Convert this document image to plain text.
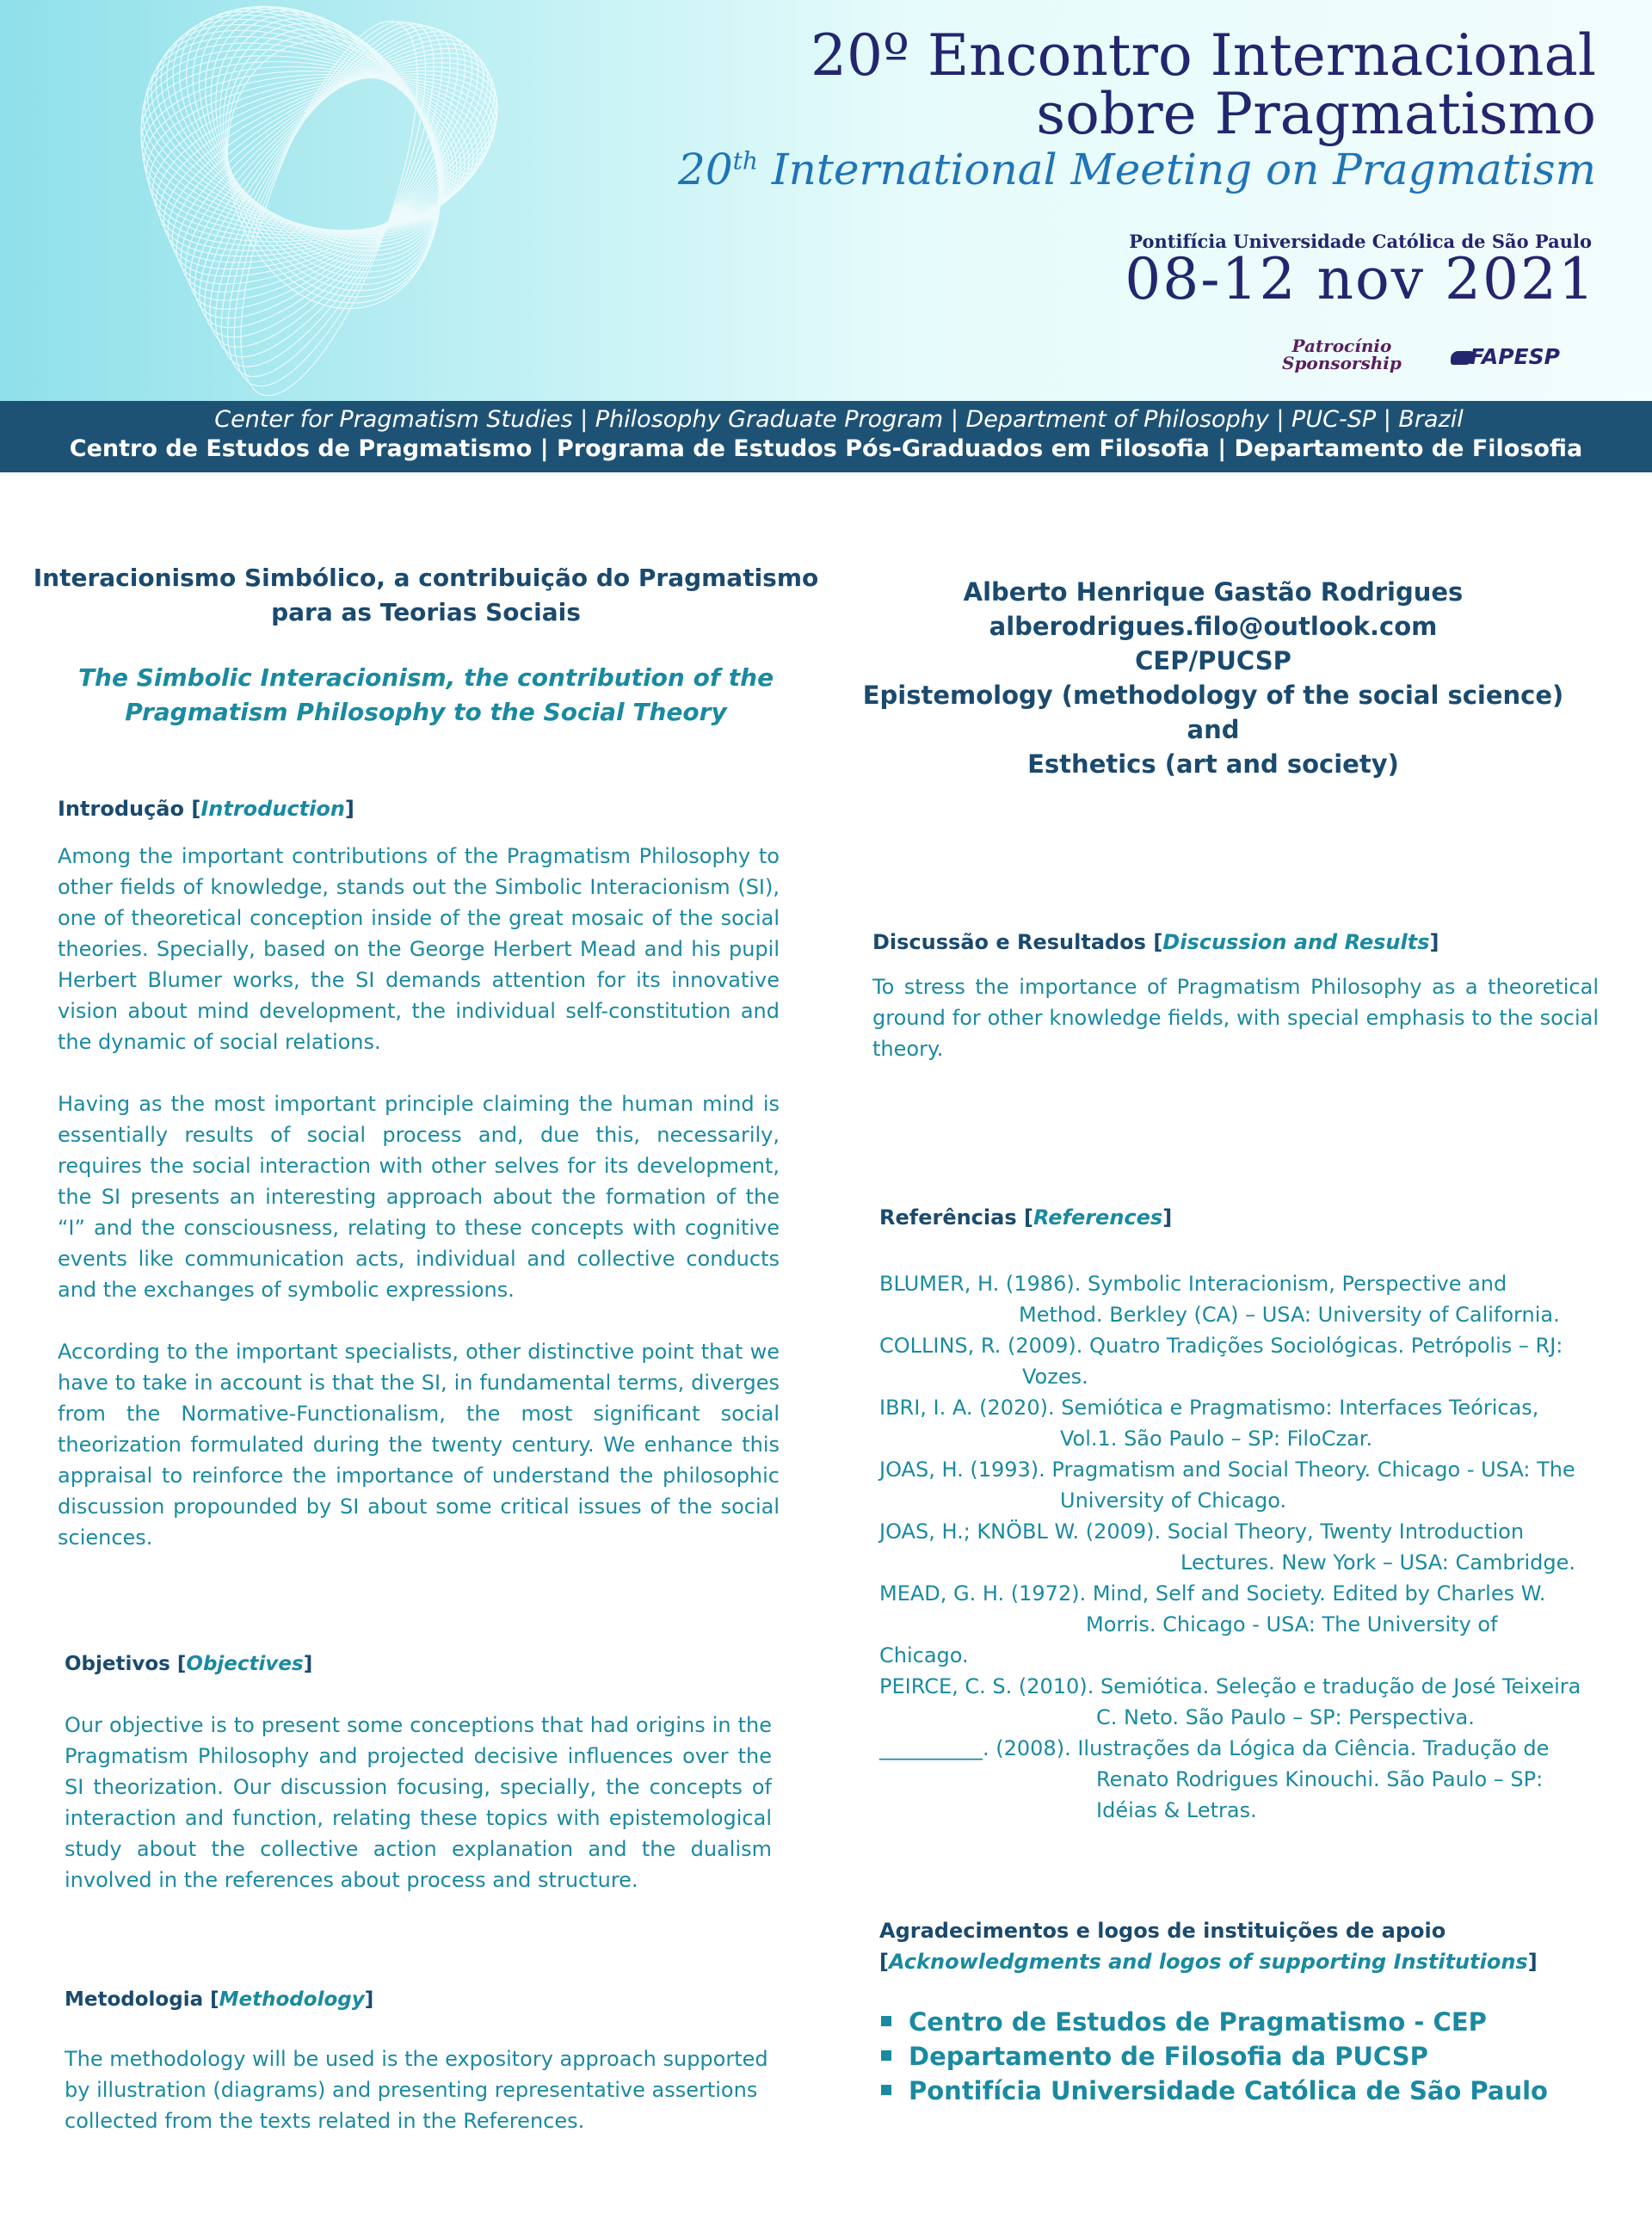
20º Encontro Internacional
sobre Pragmatismo
20th International Meeting on Pragmatism
Pontifícia Universidade Católica de São Paulo
08-12 nov 2021
Patrocínio
Sponsorship	FAPESP
Center for Pragmatism Studies | Philosophy Graduate Program | Department of Philosophy | PUC-SP | Brazil
Centro de Estudos de Pragmatismo | Programa de Estudos Pós-Graduados em Filosofia | Departamento de Filosofia
Interacionismo Simbólico, a contribuição do Pragmatismo para as Teorias Sociais
The Simbolic Interacionism, the contribution of the Pragmatism Philosophy to the Social Theory
Alberto Henrique Gastão Rodrigues
alberodrigues.filo@outlook.com
CEP/PUCSP
Epistemology (methodology of the social science) and
Esthetics (art and society)
Introdução [Introduction]

Among the important contributions of the Pragmatism Philosophy to other fields of knowledge, stands out the Simbolic Interacionism (SI), one of theoretical conception inside of the great mosaic of the social theories. Specially, based on the George Herbert Mead and his pupil Herbert Blumer works, the SI demands attention for its innovative vision about mind development, the individual self-constitution and the dynamic of social relations.

Having as the most important principle claiming the human mind is essentially results of social process and, due this, necessarily, requires the social interaction with other selves for its development, the SI presents an interesting approach about the formation of the “I” and the consciousness, relating to these concepts with cognitive events like communication acts, individual and collective conducts and the exchanges of symbolic expressions.

According to the important specialists, other distinctive point that we have to take in account is that the SI, in fundamental terms, diverges from the Normative-Functionalism, the most significant social theorization formulated during the twenty century. We enhance this appraisal to reinforce the importance of understand the philosophic discussion propounded by SI about some critical issues of the social sciences.

Objetivos [Objectives]
Our objective is to present some conceptions that had origins in the Pragmatism Philosophy and projected decisive influences over the SI theorization. Our discussion focusing, specially, the concepts of interaction and function, relating these topics with epistemological study about the collective action explanation and the dualism involved in the references about process and structure.
Metodologia [Methodology]
The methodology will be used is the expository approach supported by illustration (diagrams) and presenting representative assertions collected from the texts related in the References.
Discussão e Resultados [Discussion and Results]
To stress the importance of Pragmatism Philosophy as a theoretical ground for other knowledge fields, with special emphasis to the social theory.
Referências [References]
BLUMER, H. (1986). Symbolic Interacionism, Perspective and
Method. Berkley (CA) – USA: University of California.
COLLINS, R. (2009). Quatro Tradições Sociológicas. Petrópolis – RJ:
Vozes.
IBRI, I. A. (2020). Semiótica e Pragmatismo: Interfaces Teóricas,
Vol.1. São Paulo – SP: FiloCzar.
JOAS, H. (1993). Pragmatism and Social Theory. Chicago - USA: The
University of Chicago.
JOAS, H.; KNÖBL W. (2009). Social Theory, Twenty Introduction
Lectures. New York – USA: Cambridge.
MEAD, G. H. (1972). Mind, Self and Society. Edited by Charles W.
Morris. Chicago - USA: The University of
Chicago.
PEIRCE, C. S. (2010). Semiótica. Seleção e tradução de José Teixeira
C. Neto. São Paulo – SP: Perspectiva.
__________. (2008). Ilustrações da Lógica da Ciência. Tradução de
Renato Rodrigues Kinouchi. São Paulo – SP:
Idéias & Letras.
Agradecimentos e logos de instituições de apoio
[Acknowledgments and logos of supporting Institutions]
Centro de Estudos de Pragmatismo - CEP
Departamento de Filosofia da PUCSP
Pontifícia Universidade Católica de São Paulo
